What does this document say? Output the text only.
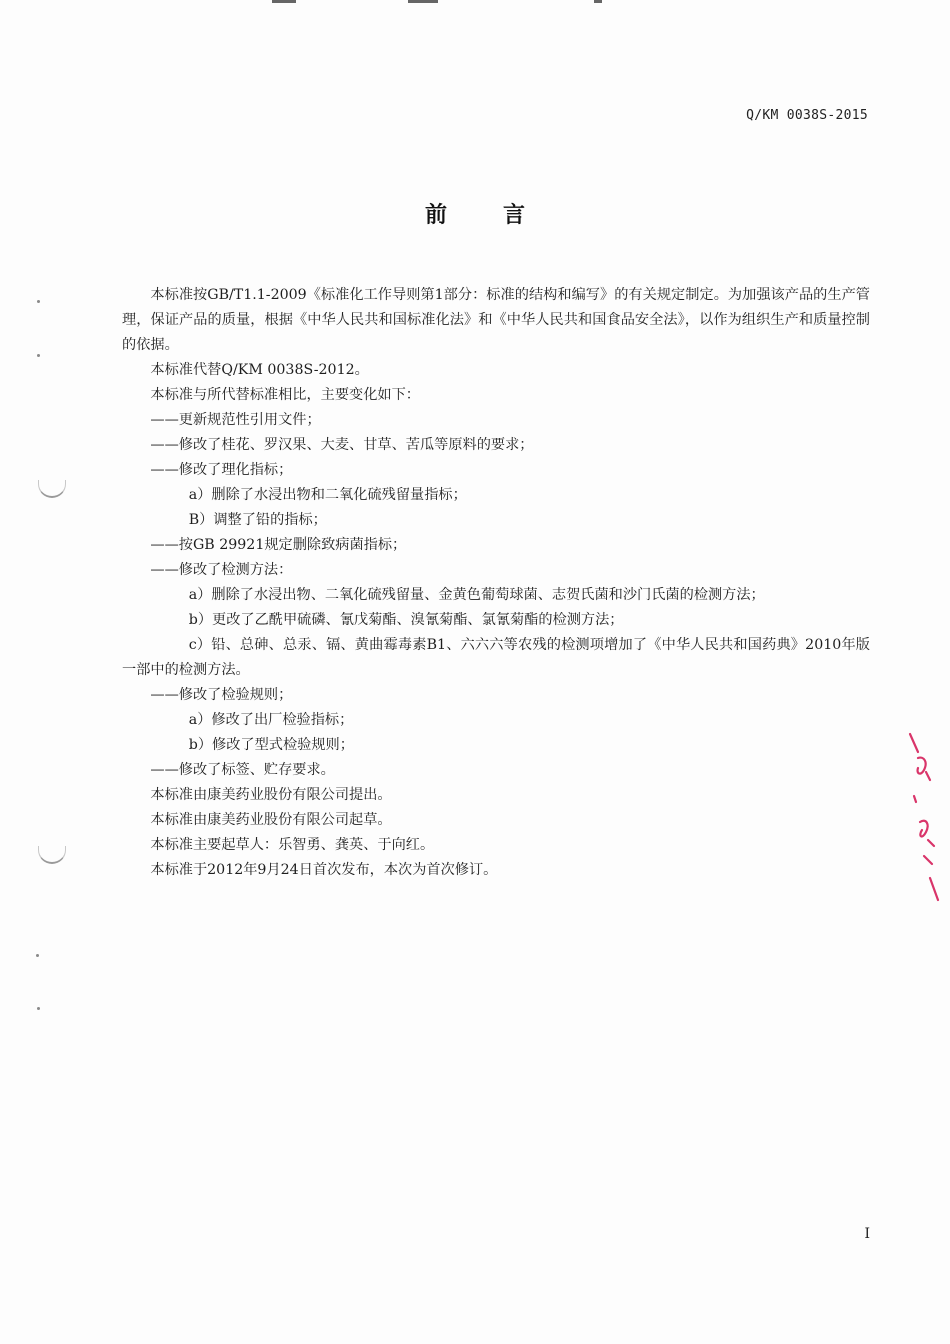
Q/KM 0038S-2015
前言

本标准按GB/T1.1-2009《标准化工作导则第1部分：标准的结构和编写》的有关规定制定。为加强该产品的生产管理，保证产品的质量，根据《中华人民共和国标准化法》和《中华人民共和国食品安全法》，以作为组织生产和质量控制的依据。

本标准代替Q/KM 0038S-2012。

本标准与所代替标准相比，主要变化如下：

——更新规范性引用文件；

——修改了桂花、罗汉果、大麦、甘草、苦瓜等原料的要求；

——修改了理化指标；

a）删除了水浸出物和二氧化硫残留量指标；

B）调整了铅的指标；

——按GB 29921规定删除致病菌指标；

——修改了检测方法：

a）删除了水浸出物、二氧化硫残留量、金黄色葡萄球菌、志贺氏菌和沙门氏菌的检测方法；

b）更改了乙酰甲硫磷、氰戊菊酯、溴氰菊酯、氯氰菊酯的检测方法；

c）铅、总砷、总汞、镉、黄曲霉毒素B1、六六六等农残的检测项增加了《中华人民共和国药典》2010年版一部中的检测方法。

——修改了检验规则；

a）修改了出厂检验指标；

b）修改了型式检验规则；

——修改了标签、贮存要求。

本标准由康美药业股份有限公司提出。

本标准由康美药业股份有限公司起草。

本标准主要起草人：乐智勇、龚英、于向红。

本标准于2012年9月24日首次发布，本次为首次修订。

I
